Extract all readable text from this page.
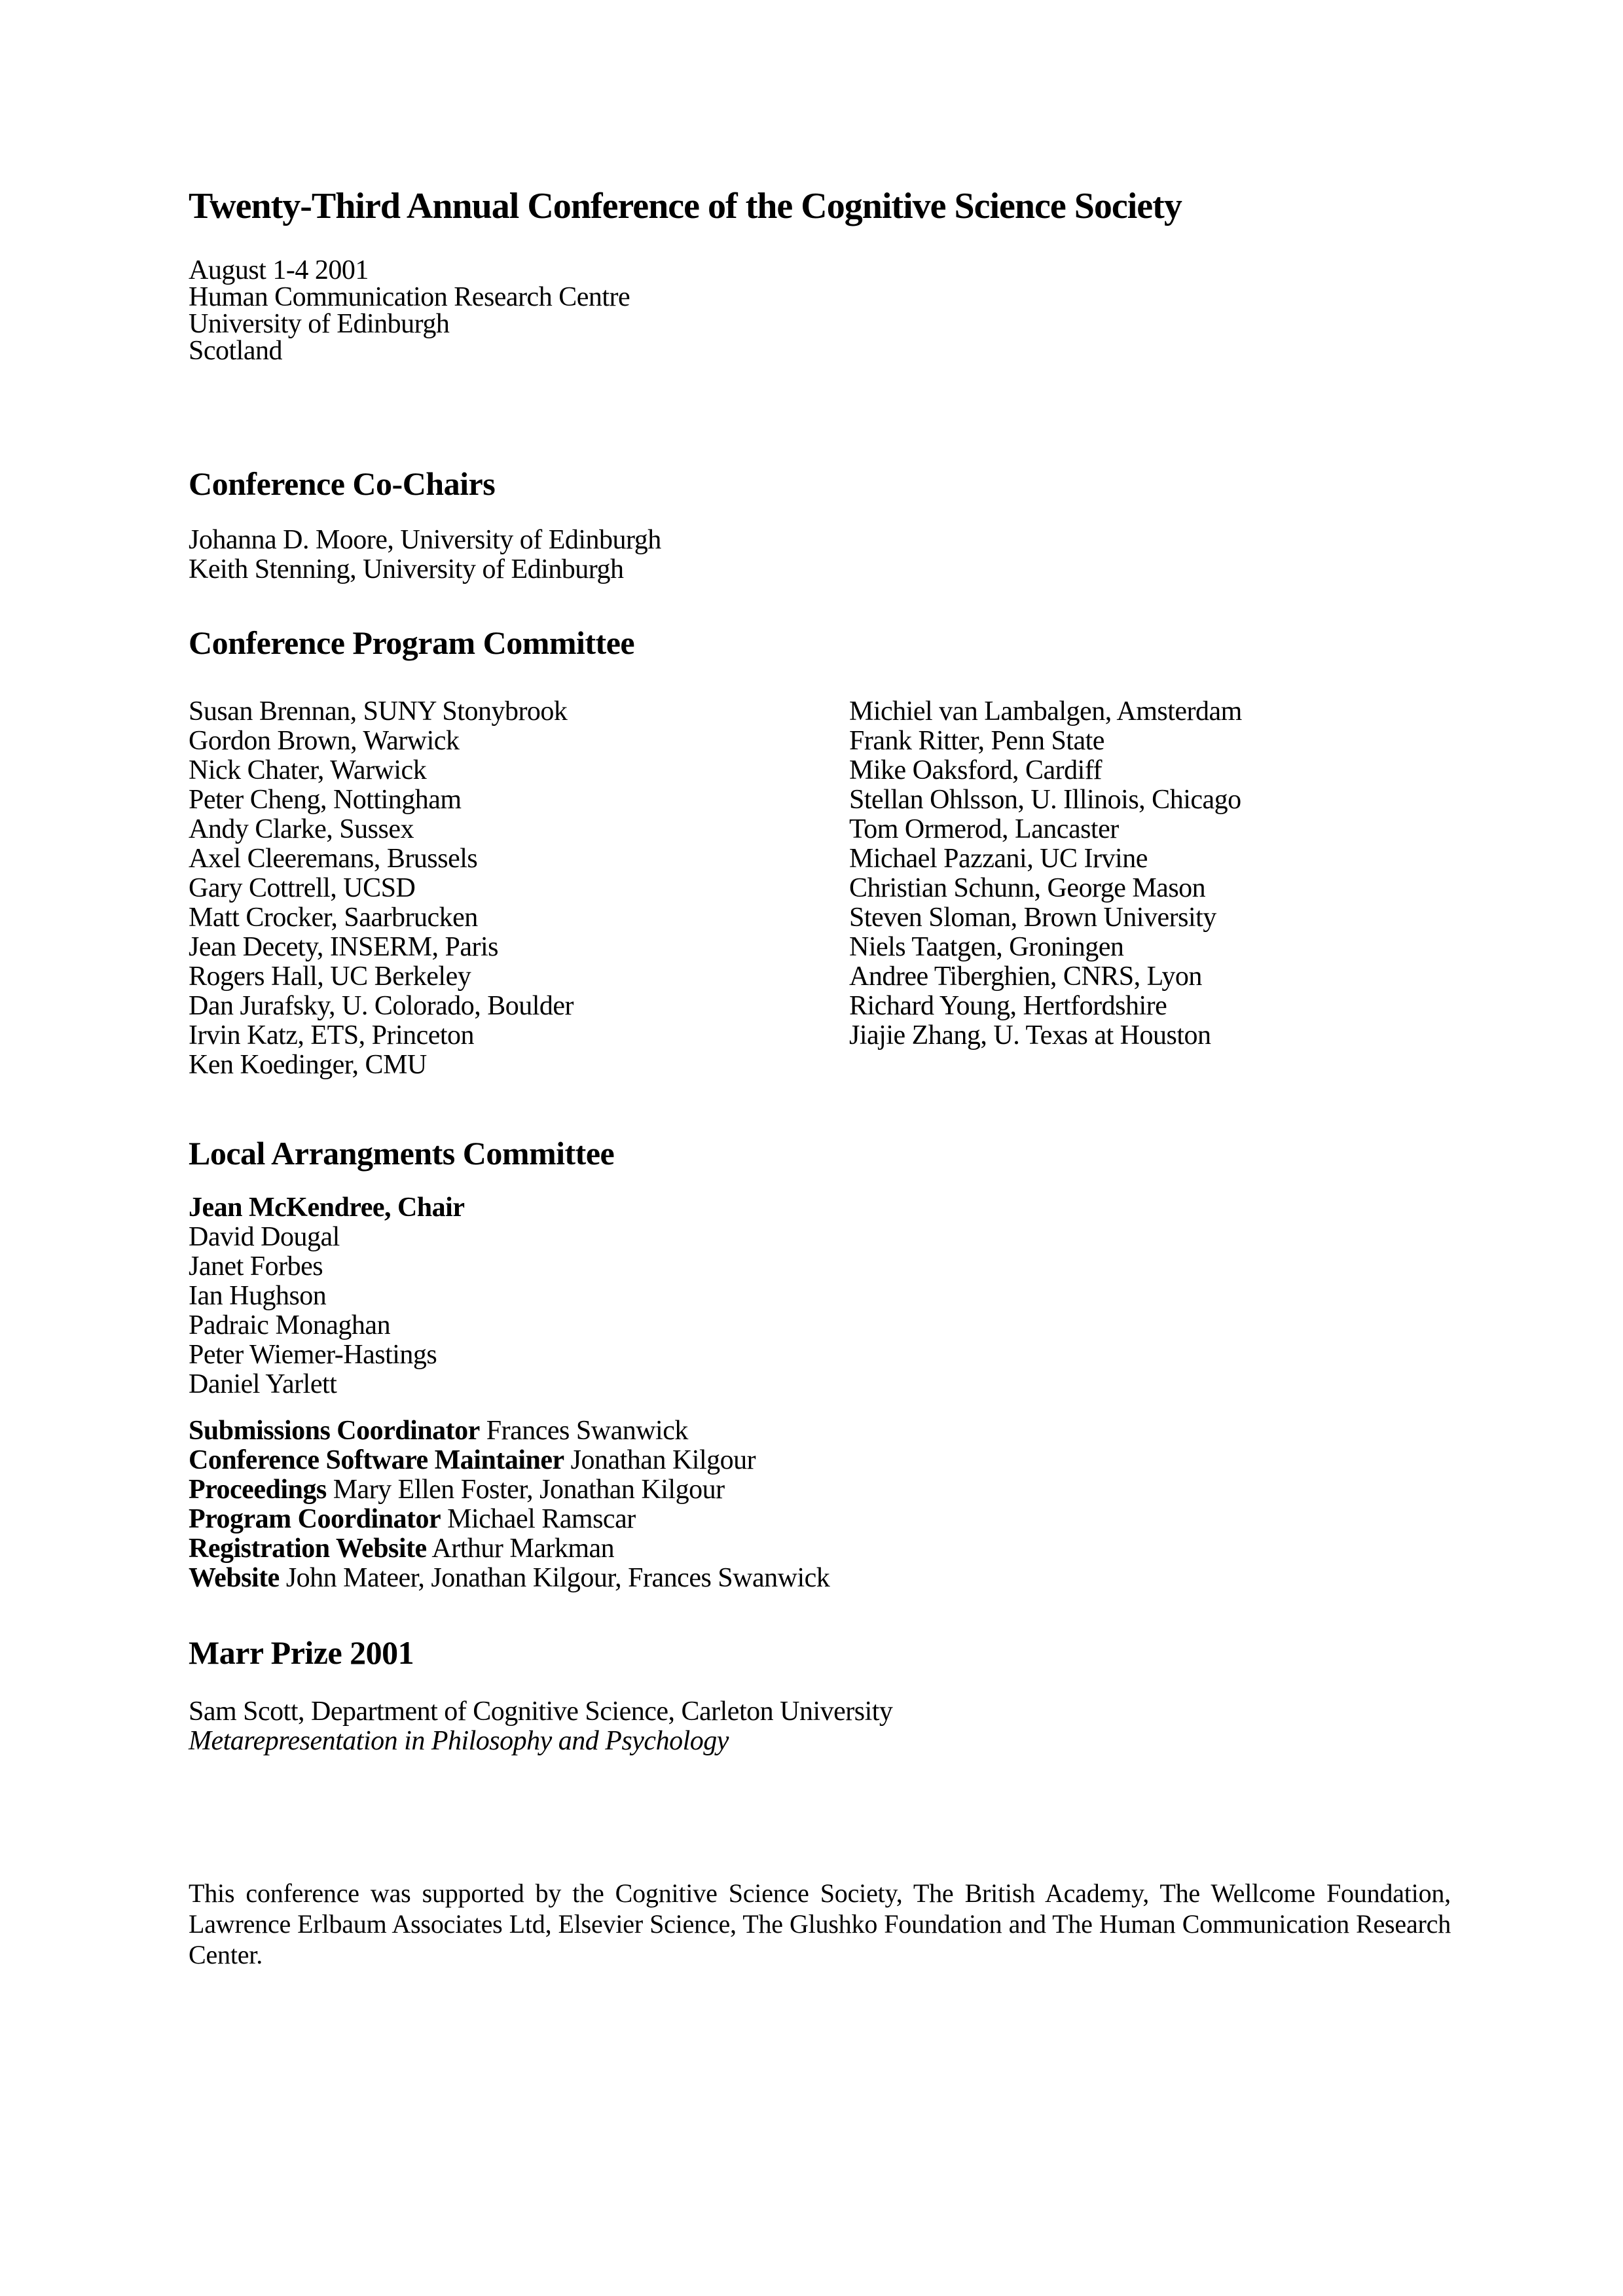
Twenty-Third Annual Conference of the Cognitive Science Society
August 1-4 2001
Human Communication Research Centre
University of Edinburgh
Scotland
Conference Co-Chairs
Johanna D. Moore, University of Edinburgh
Keith Stenning, University of Edinburgh
Conference Program Committee
Susan Brennan, SUNY Stonybrook
Gordon Brown, Warwick
Nick Chater, Warwick
Peter Cheng, Nottingham
Andy Clarke, Sussex
Axel Cleeremans, Brussels
Gary Cottrell, UCSD
Matt Crocker, Saarbrucken
Jean Decety, INSERM, Paris
Rogers Hall, UC Berkeley
Dan Jurafsky, U. Colorado, Boulder
Irvin Katz, ETS, Princeton
Ken Koedinger, CMU
Michiel van Lambalgen, Amsterdam
Frank Ritter, Penn State
Mike Oaksford, Cardiff
Stellan Ohlsson, U. Illinois, Chicago
Tom Ormerod, Lancaster
Michael Pazzani, UC Irvine
Christian Schunn, George Mason
Steven Sloman, Brown University
Niels Taatgen, Groningen
Andree Tiberghien, CNRS, Lyon
Richard Young, Hertfordshire
Jiajie Zhang, U. Texas at Houston
Local Arrangments Committee
Jean McKendree, Chair
David Dougal
Janet Forbes
Ian Hughson
Padraic Monaghan
Peter Wiemer-Hastings
Daniel Yarlett
Submissions Coordinator Frances Swanwick
Conference Software Maintainer Jonathan Kilgour
Proceedings Mary Ellen Foster, Jonathan Kilgour
Program Coordinator Michael Ramscar
Registration Website Arthur Markman
Website John Mateer, Jonathan Kilgour, Frances Swanwick
Marr Prize 2001
Sam Scott, Department of Cognitive Science, Carleton University
Metarepresentation in Philosophy and Psychology
This conference was supported by the Cognitive Science Society, The British Academy, The Wellcome Foundation, Lawrence Erlbaum Associates Ltd, Elsevier Science, The Glushko Foundation and The Human Communication Research Center.
